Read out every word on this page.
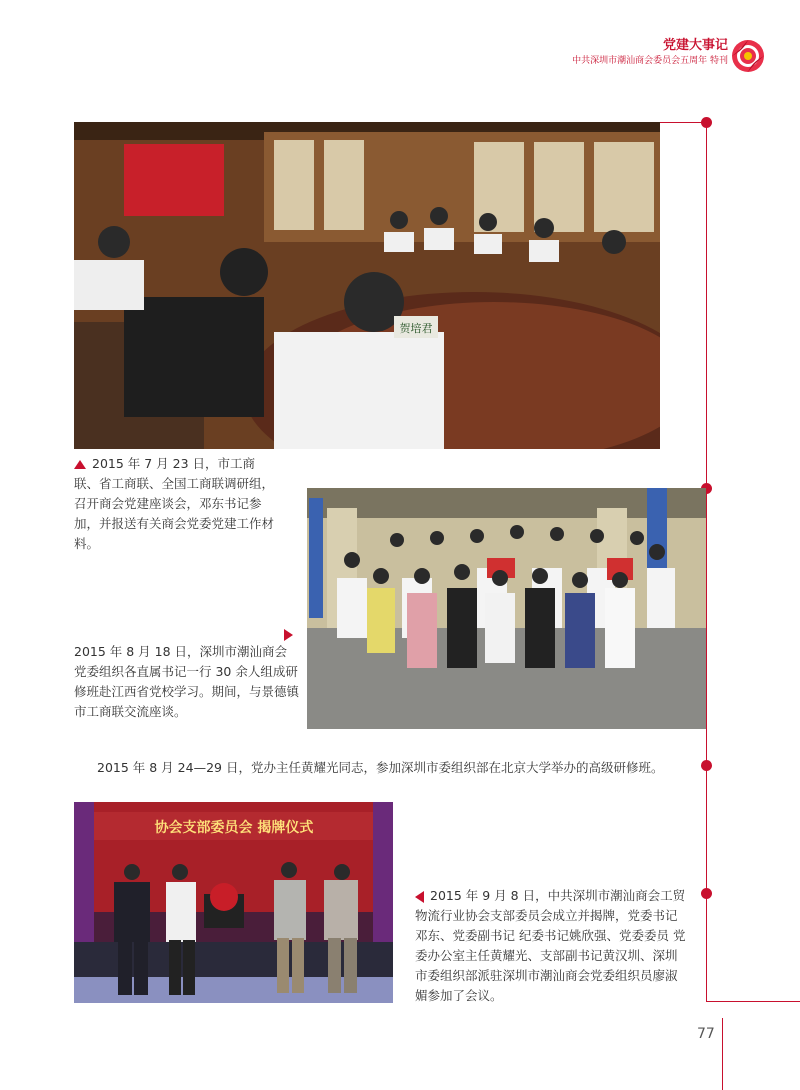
党建大事记
中共深圳市潮汕商会委员会五周年 特刊
贺培君
2015 年 7 月 23 日，市工商联、省工商联、全国工商联调研组，召开商会党建座谈会，邓东书记参加，并报送有关商会党委党建工作材料。
2015 年 8 月 18 日，深圳市潮汕商会党委组织各直属书记一行 30 余人组成研修班赴江西省党校学习。期间，与景德镇市工商联交流座谈。
2015 年 8 月 24—29 日，党办主任黄耀光同志，参加深圳市委组织部在北京大学举办的高级研修班。
协会支部委员会 揭牌仪式
2015 年 9 月 8 日，中共深圳市潮汕商会工贸物流行业协会支部委员会成立并揭牌，党委书记邓东、党委副书记 纪委书记姚欣强、党委委员 党委办公室主任黄耀光、支部副书记黄汉圳、深圳市委组织部派驻深圳市潮汕商会党委组织员廖淑媚参加了会议。
77
